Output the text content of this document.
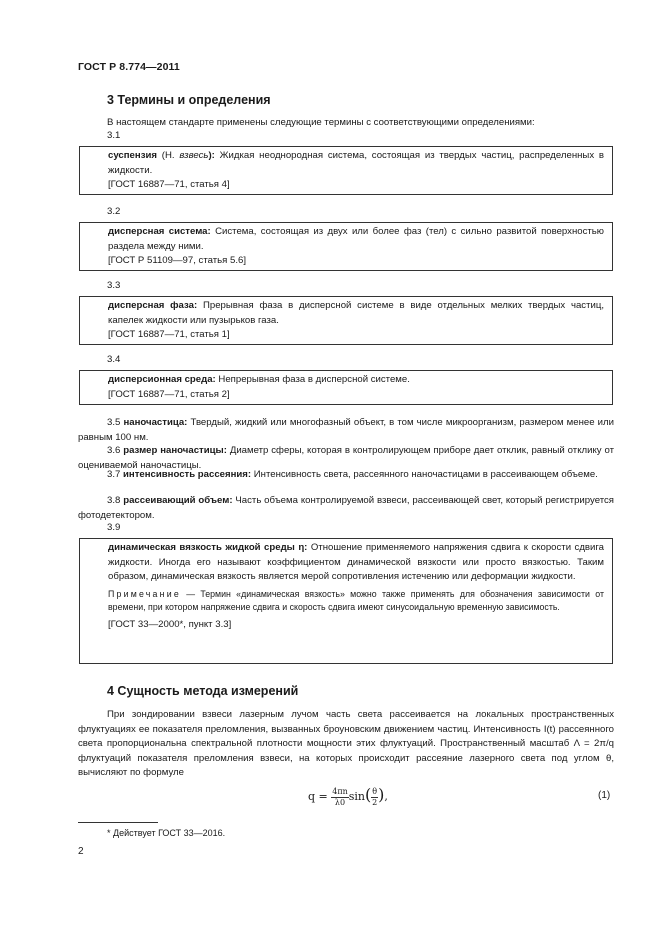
ГОСТ Р 8.774—2011
3 Термины и определения
В настоящем стандарте применены следующие термины с соответствующими определениями:
3.1
суспензия (Н. взвесь): Жидкая неоднородная система, состоящая из твердых частиц, распределенных в жидкости.
[ГОСТ 16887—71, статья 4]
3.2
дисперсная система: Система, состоящая из двух или более фаз (тел) с сильно развитой поверхностью раздела между ними.
[ГОСТ Р 51109—97, статья 5.6]
3.3
дисперсная фаза: Прерывная фаза в дисперсной системе в виде отдельных мелких твердых частиц, капелек жидкости или пузырьков газа.
[ГОСТ 16887—71, статья 1]
3.4
дисперсионная среда: Непрерывная фаза в дисперсной системе.
[ГОСТ 16887—71, статья 2]
3.5 наночастица: Твердый, жидкий или многофазный объект, в том числе микроорганизм, размером менее или равным 100 нм.
3.6 размер наночастицы: Диаметр сферы, которая в контролирующем приборе дает отклик, равный отклику от оцениваемой наночастицы.
3.7 интенсивность рассеяния: Интенсивность света, рассеянного наночастицами в рассеивающем объеме.
3.8 рассеивающий объем: Часть объема контролируемой взвеси, рассеивающей свет, который регистрируется фотодетектором.
3.9
динамическая вязкость жидкой среды η: Отношение применяемого напряжения сдвига к скорости сдвига жидкости. Иногда его называют коэффициентом динамической вязкости или просто вязкостью. Таким образом, динамическая вязкость является мерой сопротивления истечению или деформации жидкости.
Примечание — Термин «динамическая вязкость» можно также применять для обозначения зависимости от времени, при котором напряжение сдвига и скорость сдвига имеют синусоидальную временную зависимость.
[ГОСТ 33—2000*, пункт 3.3]
4 Сущность метода измерений
При зондировании взвеси лазерным лучом часть света рассеивается на локальных пространственных флуктуациях ее показателя преломления, вызванных броуновским движением частиц. Интенсивность I(t) рассеянного света пропорциональна спектральной плотности мощности этих флуктуаций. Пространственный масштаб Λ = 2π/q флуктуаций показателя преломления взвеси, на которых происходит рассеяние лазерного света под углом θ, вычисляют по формуле
$q = \frac{4\pi n}{\lambda 0}\sin( \frac{\theta}{2})$,	(1)
* Действует ГОСТ 33—2016.
2
